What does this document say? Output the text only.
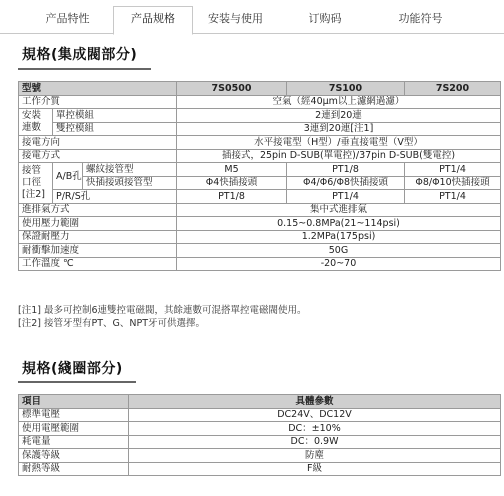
产品特性	产品规格	安装与使用	订购码	功能符号
規格(集成閥部分)
型號			7S0500	7S100	7S200
工作介質			空氣（經40μm以上濾網過濾）		
安裝連數	單控模組		2連到20連		
	雙控模組		3連到20連[注1]		
接電方向			水平接電型（H型）/垂直接電型（V型）		
接電方式			插接式，25pin D-SUB(單電控)/37pin D-SUB(雙電控)		
接管口徑 [注2]	A/B孔	螺紋接管型	M5	PT1/8	PT1/4
		快插接頭接管型	Φ4快插接頭	Φ4/Φ6/Φ8快插接頭	Φ8/Φ10快插接頭
	P/R/S孔		PT1/8	PT1/4	PT1/4
進排氣方式			集中式進排氣		
使用壓力範圍			0.15~0.8MPa(21~114psi)		
保證耐壓力			1.2MPa(175psi)		
耐衝擊加速度			50G		
工作溫度 ℃			-20~70		
[注1] 最多可控制6連雙控電磁閥，其餘連數可混搭單控電磁閥使用。
[注2] 接管牙型有PT、G、NPT牙可供選擇。
規格(綫圈部分)
項目	具體參數
標準電壓	DC24V、DC12V
使用電壓範圍	DC：±10%
耗電量	DC：0.9W
保護等級	防塵
耐熱等級	F級
